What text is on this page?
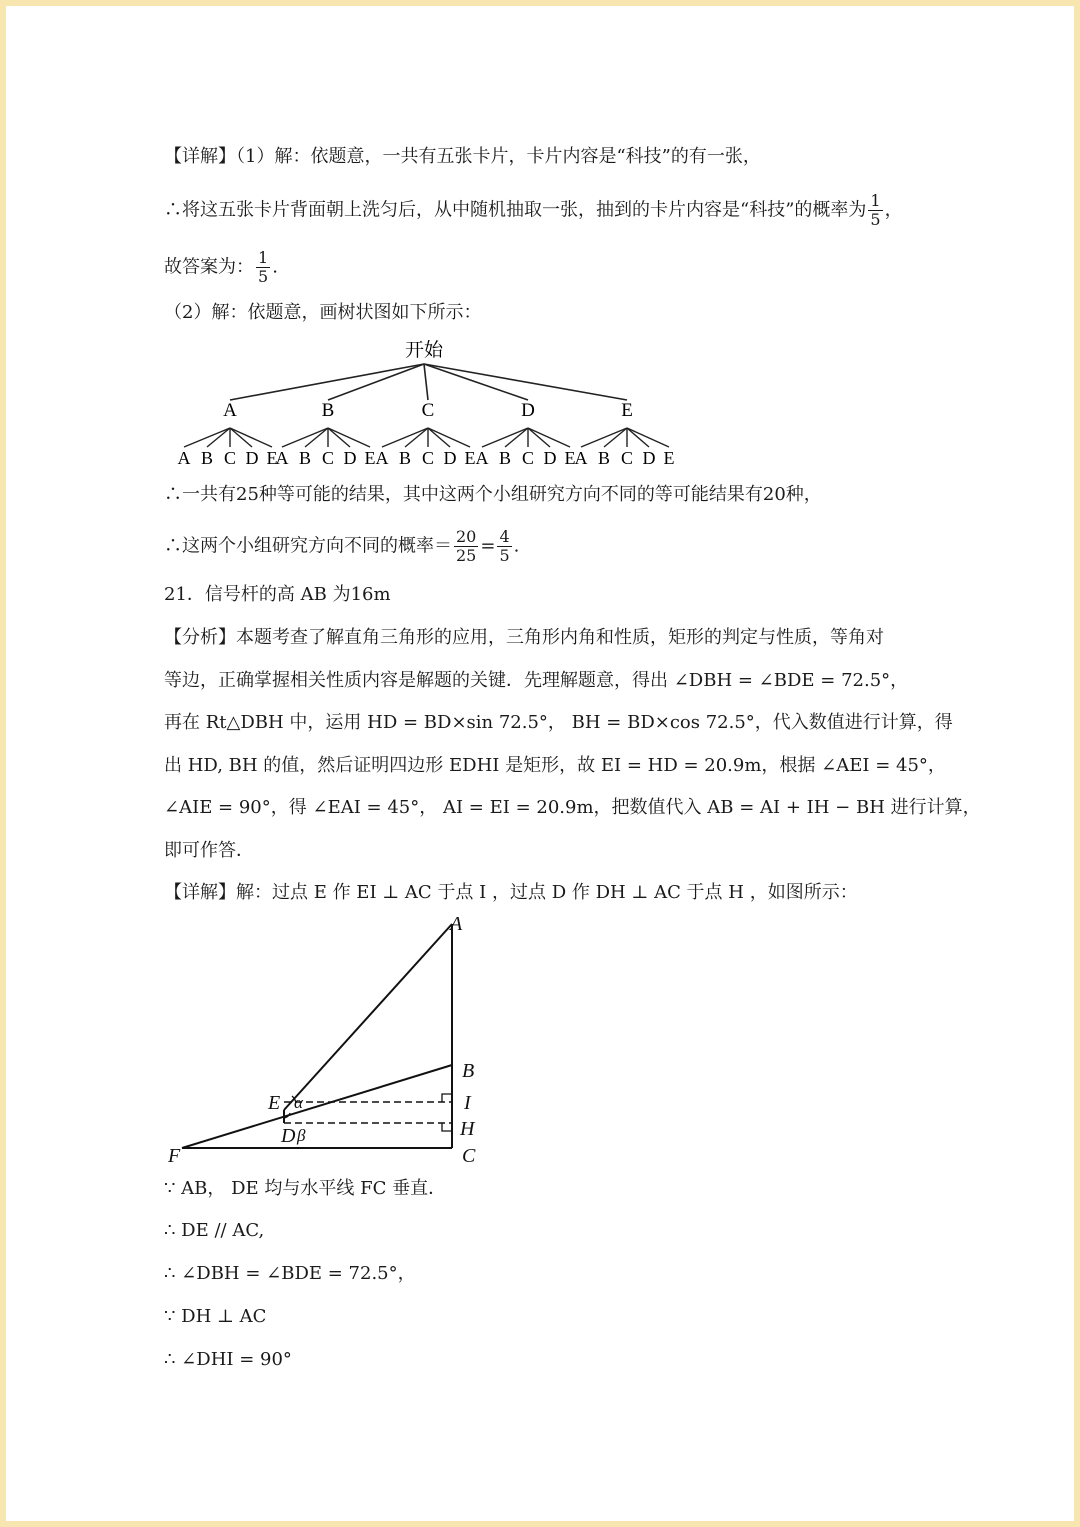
【详解】（1）解：依题意，一共有五张卡片，卡片内容是“科技”的有一张，
∴将这五张卡片背面朝上洗匀后，从中随机抽取一张，抽到的卡片内容是“科技”的概率为 $\frac{1}{5}$ ，
故答案为： $\frac{1}{5}$ .
（2）解：依题意，画树状图如下所示：
开始
A	B	C	D	E
A B C D E
A B C D E A B C D E A B C D E A B C D E
∴一共有25种等可能的结果，其中这两个小组研究方向不同的等可能结果有20种，
∴这两个小组研究方向不同的概率＝ $\frac{20}{25} = \frac{4}{5}$ .
21．信号杆的高 AB 为16m
【分析】本题考查了解直角三角形的应用，三角形内角和性质，矩形的判定与性质，等角对
等边，正确掌握相关性质内容是解题的关键．先理解题意，得出 ∠DBH = ∠BDE = 72.5°，
再在 Rt△DBH 中，运用 HD = BD×sin 72.5°， BH = BD×cos 72.5°，代入数值进行计算，得
出 HD, BH 的值，然后证明四边形 EDHI 是矩形，故 EI = HD = 20.9m，根据 ∠AEI = 45°，
∠AIE = 90°，得 ∠EAI = 45°， AI = EI = 20.9m，把数值代入 AB = AI + IH − BH 进行计算，
即可作答．
【详解】解：过点 E 作 EI ⊥ AC 于点 I ，过点 D 作 DH ⊥ AC 于点 H ，如图所示：
A
B
C
E
F
I
H
D
α
β
∵ AB， DE 均与水平线 FC 垂直．
∴ DE // AC,
∴ ∠DBH = ∠BDE = 72.5°，
∵ DH ⊥ AC
∴ ∠DHI = 90°
